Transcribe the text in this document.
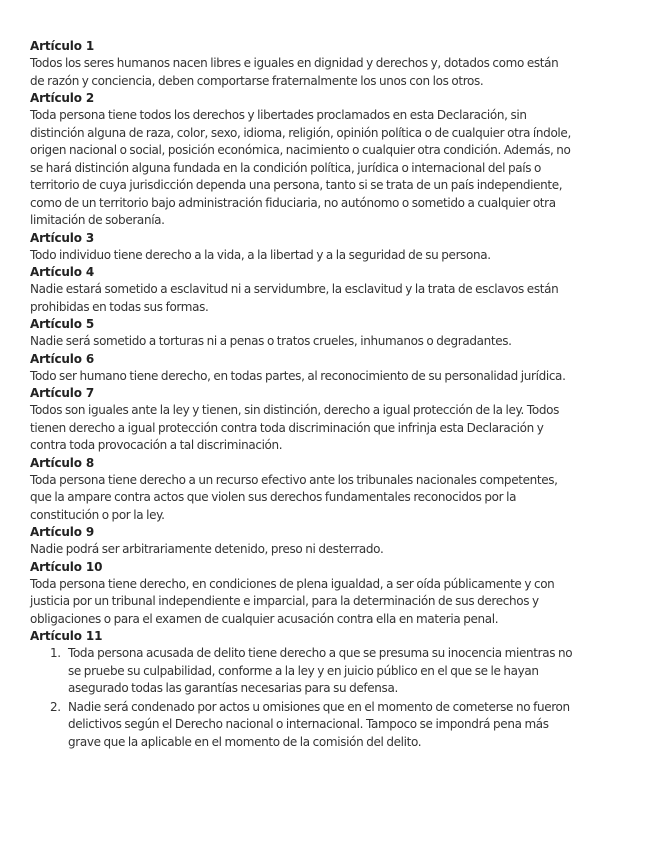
Artículo 1

Todos los seres humanos nacen libres e iguales en dignidad y derechos y, dotados como están
de razón y conciencia, deben comportarse fraternalmente los unos con los otros.

Artículo 2

Toda persona tiene todos los derechos y libertades proclamados en esta Declaración, sin
distinción alguna de raza, color, sexo, idioma, religión, opinión política o de cualquier otra índole,
origen nacional o social, posición económica, nacimiento o cualquier otra condición. Además, no
se hará distinción alguna fundada en la condición política, jurídica o internacional del país o
territorio de cuya jurisdicción dependa una persona, tanto si se trata de un país independiente,
como de un territorio bajo administración fiduciaria, no autónomo o sometido a cualquier otra
limitación de soberanía.

Artículo 3

Todo individuo tiene derecho a la vida, a la libertad y a la seguridad de su persona.

Artículo 4

Nadie estará sometido a esclavitud ni a servidumbre, la esclavitud y la trata de esclavos están
prohibidas en todas sus formas.

Artículo 5

Nadie será sometido a torturas ni a penas o tratos crueles, inhumanos o degradantes.

Artículo 6

Todo ser humano tiene derecho, en todas partes, al reconocimiento de su personalidad jurídica.

Artículo 7

Todos son iguales ante la ley y tienen, sin distinción, derecho a igual protección de la ley. Todos
tienen derecho a igual protección contra toda discriminación que infrinja esta Declaración y
contra toda provocación a tal discriminación.

Artículo 8

Toda persona tiene derecho a un recurso efectivo ante los tribunales nacionales competentes,
que la ampare contra actos que violen sus derechos fundamentales reconocidos por la
constitución o por la ley.

Artículo 9

Nadie podrá ser arbitrariamente detenido, preso ni desterrado.

Artículo 10

Toda persona tiene derecho, en condiciones de plena igualdad, a ser oída públicamente y con
justicia por un tribunal independiente e imparcial, para la determinación de sus derechos y
obligaciones o para el examen de cualquier acusación contra ella en materia penal.

Artículo 11

1. Toda persona acusada de delito tiene derecho a que se presuma su inocencia mientras no
se pruebe su culpabilidad, conforme a la ley y en juicio público en el que se le hayan
asegurado todas las garantías necesarias para su defensa.
2. Nadie será condenado por actos u omisiones que en el momento de cometerse no fueron
delictivos según el Derecho nacional o internacional. Tampoco se impondrá pena más
grave que la aplicable en el momento de la comisión del delito.
